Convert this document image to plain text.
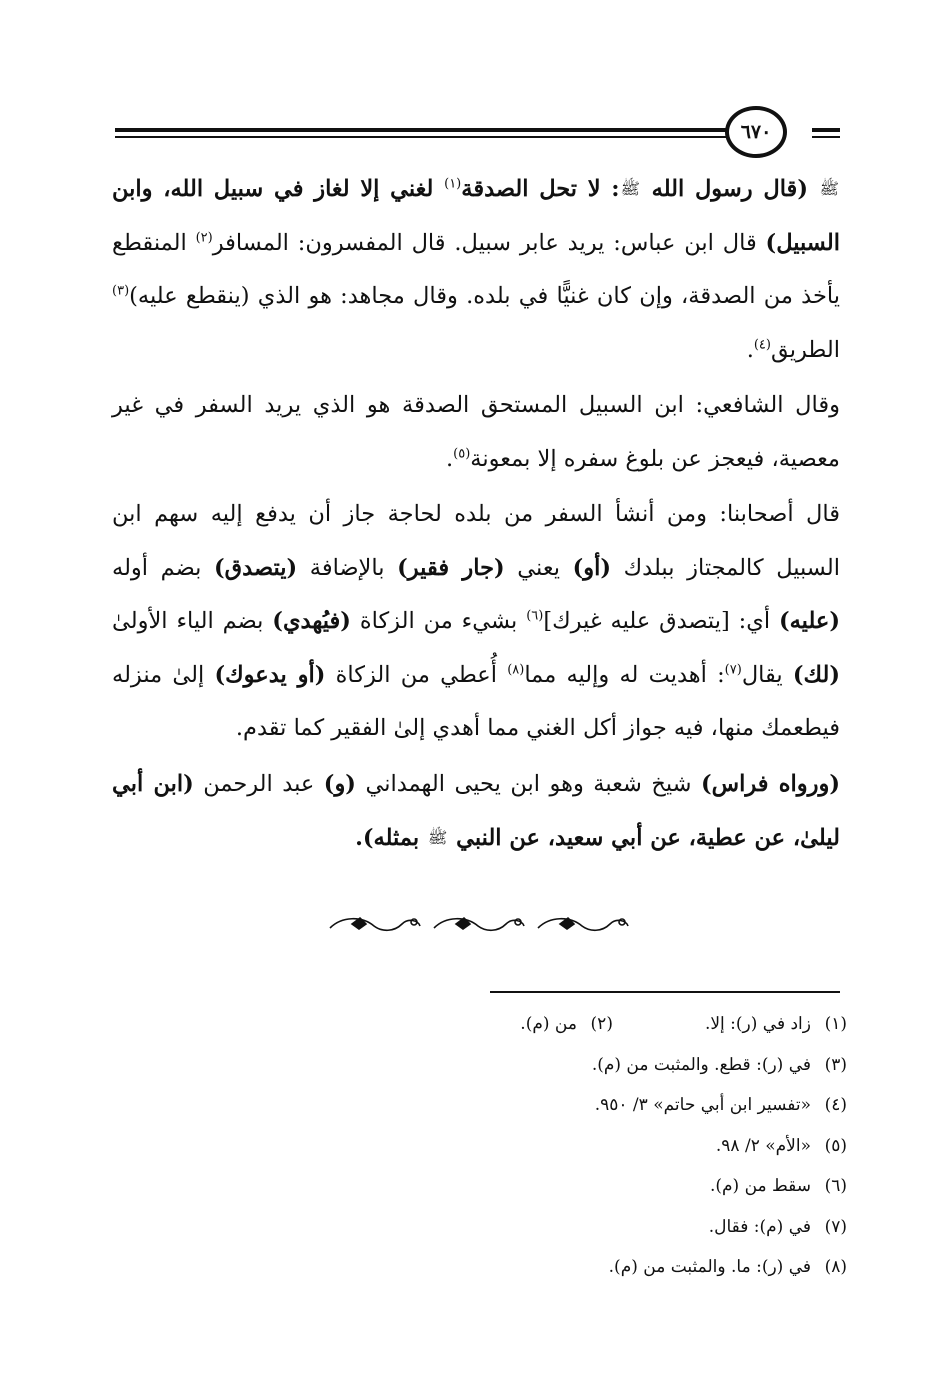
٦٧٠

ﷺ (قال رسول الله ﷺ: لا تحل الصدقة$^{(١)}$ لغني إلا لغاز في سبيل الله، وابن السبيل) قال ابن عباس: يريد عابر سبيل. قال المفسرون: المسافر$^{(٢)}$ المنقطع يأخذ من الصدقة، وإن كان غنيًّا في بلده. وقال مجاهد: هو الذي (ينقطع عليه)$^{(٣)}$ الطريق$^{(٤)}$.

وقال الشافعي: ابن السبيل المستحق الصدقة هو الذي يريد السفر في غير معصية، فيعجز عن بلوغ سفره إلا بمعونة$^{(٥)}$.

قال أصحابنا: ومن أنشأ السفر من بلده لحاجة جاز أن يدفع إليه سهم ابن السبيل كالمجتاز ببلدك (أو) يعني (جار فقير) بالإضافة (يتصدق) بضم أوله (عليه) أي: [يتصدق عليه غيرك]$^{(٦)}$ بشيء من الزكاة (فيُهدي) بضم الياء الأولىٰ (لك) يقال$^{(٧)}$: أهديت له وإليه مما$^{(٨)}$ أُعطي من الزكاة (أو يدعوك) إلىٰ منزله فيطعمك منها، فيه جواز أكل الغني مما أهدي إلىٰ الفقير كما تقدم.

(ورواه فراس) شيخ شعبة وهو ابن يحيى الهمداني (و) عبد الرحمن (ابن أبي ليلىٰ، عن عطية، عن أبي سعيد، عن النبي ﷺ بمثله).

(١)
زاد في (ر): إلا.
(٢)
من (م).
(٣)
في (ر): قطع. والمثبت من (م).
(٤)
«تفسير ابن أبي حاتم» ٣/ ٩٥٠.
(٥)
«الأم» ٢/ ٩٨.
(٦)
سقط من (م).
(٧)
في (م): فقال.
(٨)
في (ر): ما. والمثبت من (م).
